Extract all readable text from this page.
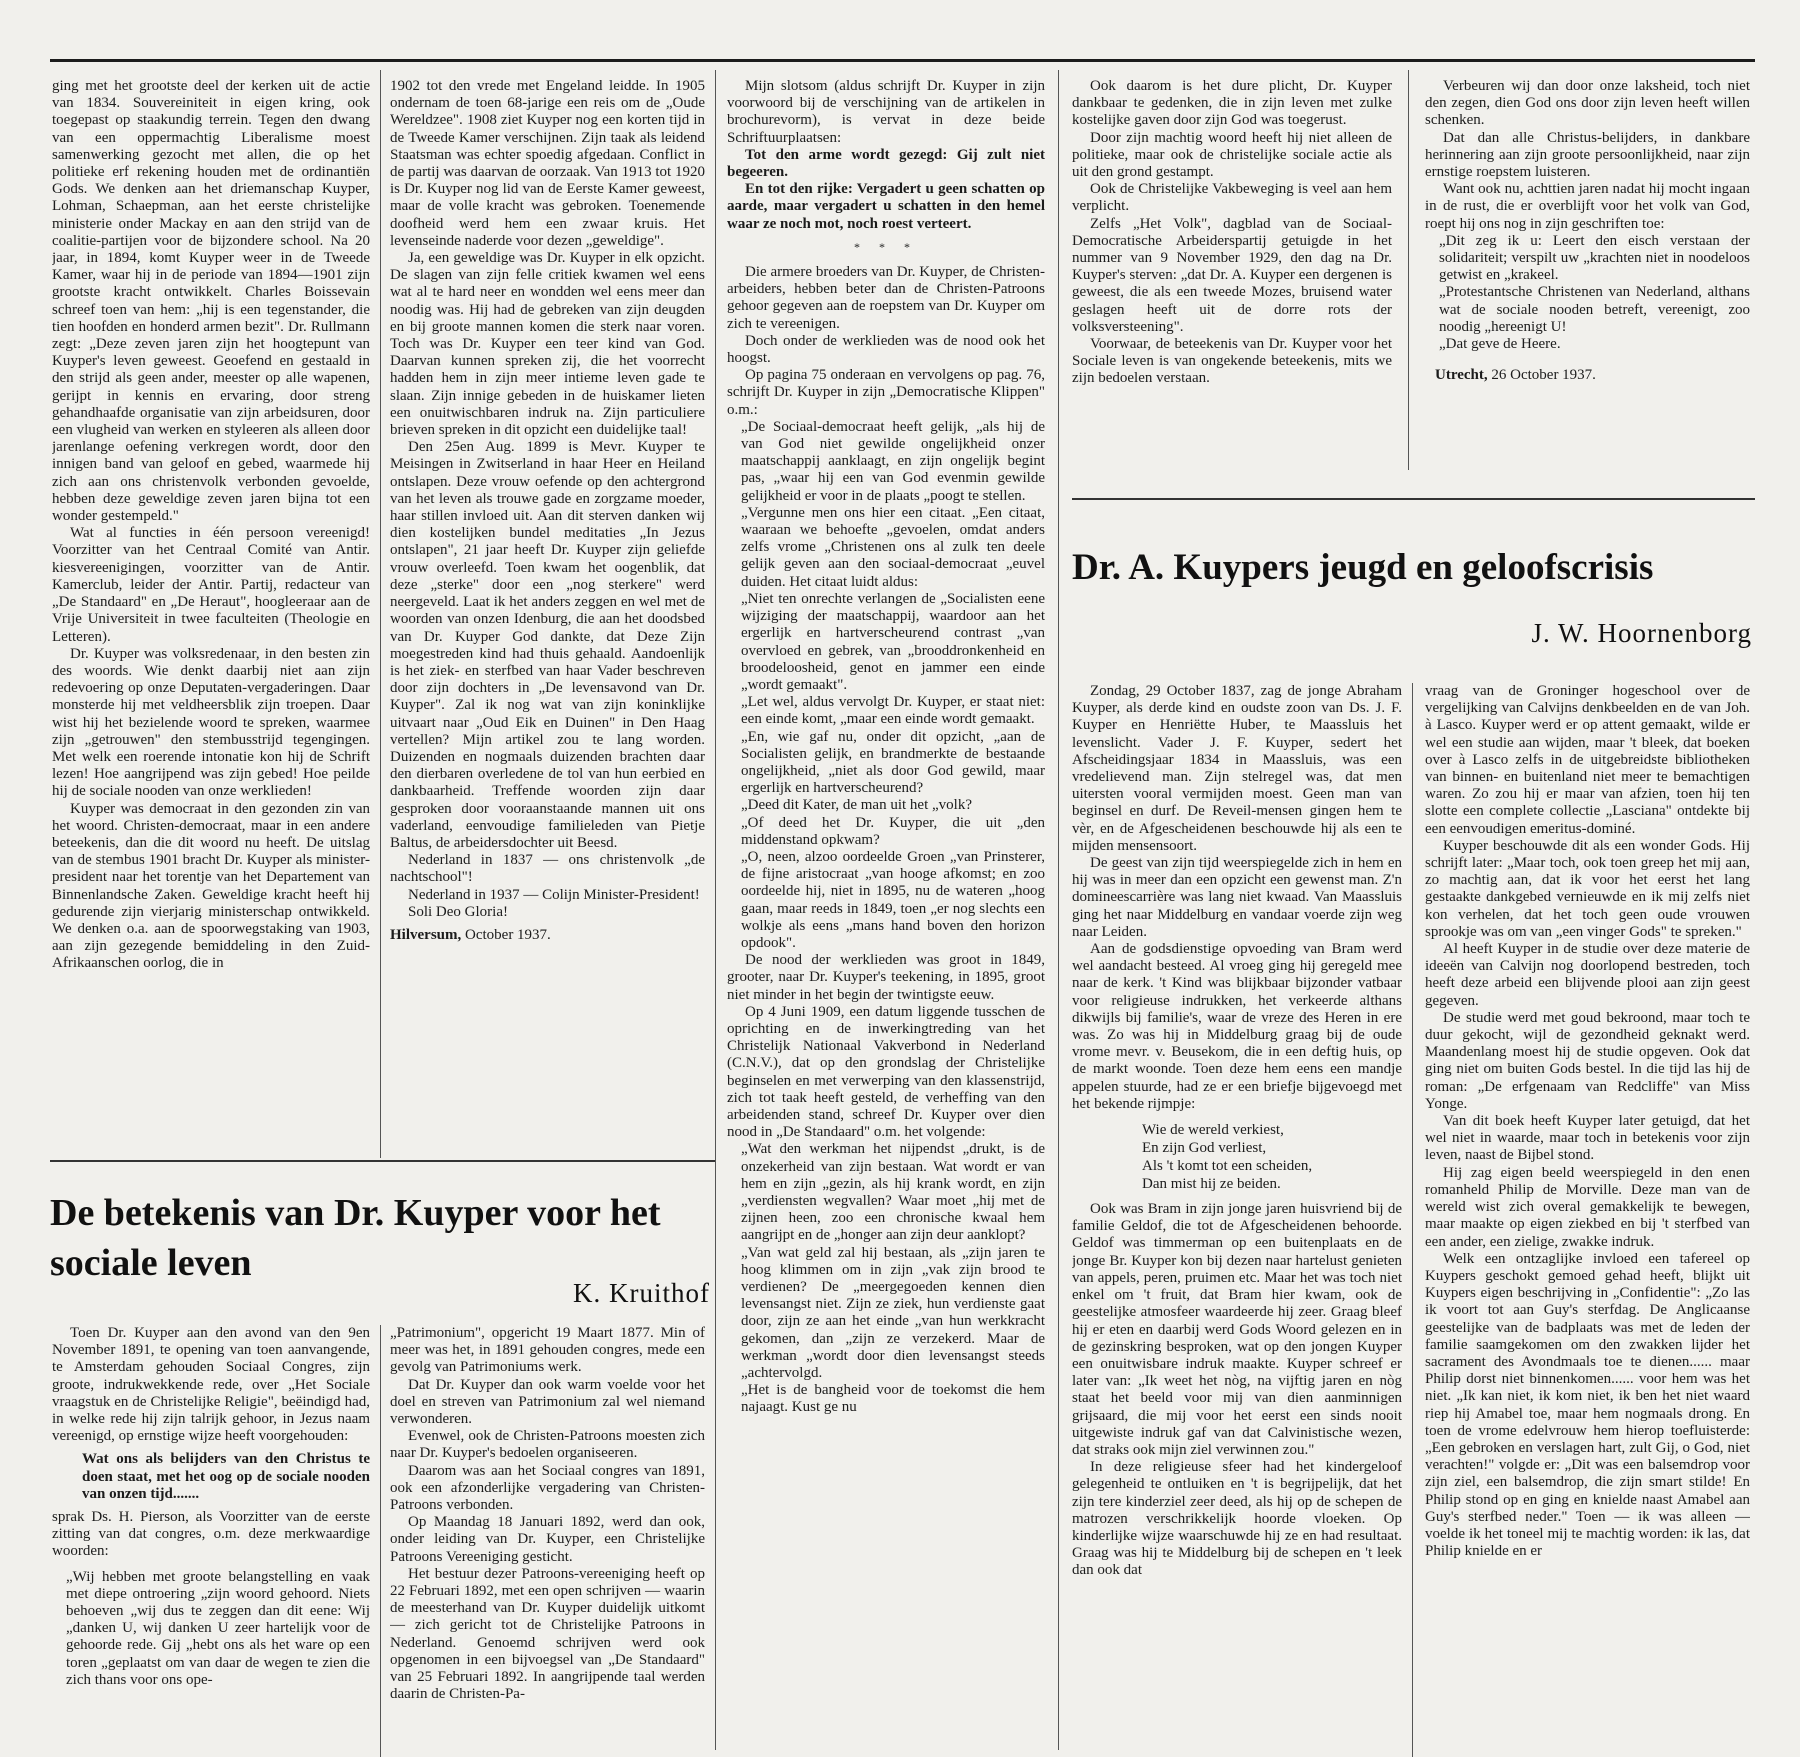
ging met het grootste deel der kerken uit de actie van 1834. Souvereiniteit in eigen kring, ook toegepast op staakundig terrein. Tegen den dwang van een oppermachtig Liberalisme moest samenwerking gezocht met allen, die op het politieke erf rekening houden met de ordinantiën Gods. We denken aan het driemanschap Kuyper, Lohman, Schaepman, aan het eerste christelijke ministerie onder Mackay en aan den strijd van de coalitie-partijen voor de bijzondere school. Na 20 jaar, in 1894, komt Kuyper weer in de Tweede Kamer, waar hij in de periode van 1894—1901 zijn grootste kracht ontwikkelt. Charles Boissevain schreef toen van hem: „hij is een tegenstander, die tien hoofden en honderd armen bezit". Dr. Rullmann zegt: „Deze zeven jaren zijn het hoogtepunt van Kuyper's leven geweest. Geoefend en gestaald in den strijd als geen ander, meester op alle wapenen, gerijpt in kennis en ervaring, door streng gehandhaafde organisatie van zijn arbeidsuren, door een vlugheid van werken en styleeren als alleen door jarenlange oefening verkregen wordt, door den innigen band van geloof en gebed, waarmede hij zich aan ons christenvolk verbonden gevoelde, hebben deze geweldige zeven jaren bijna tot een wonder gestempeld."

Wat al functies in één persoon vereenigd! Voorzitter van het Centraal Comité van Antir. kiesvereenigingen, voorzitter van de Antir. Kamerclub, leider der Antir. Partij, redacteur van „De Standaard" en „De Heraut", hoogleeraar aan de Vrije Universiteit in twee faculteiten (Theologie en Letteren).

Dr. Kuyper was volksredenaar, in den besten zin des woords. Wie denkt daarbij niet aan zijn redevoering op onze Deputaten-vergaderingen. Daar monsterde hij met veldheersblik zijn troepen. Daar wist hij het bezielende woord te spreken, waarmee zijn „getrouwen" den stembusstrijd tegengingen. Met welk een roerende intonatie kon hij de Schrift lezen! Hoe aangrijpend was zijn gebed! Hoe peilde hij de sociale nooden van onze werklieden!

Kuyper was democraat in den gezonden zin van het woord. Christen-democraat, maar in een andere beteekenis, dan die dit woord nu heeft. De uitslag van de stembus 1901 bracht Dr. Kuyper als minister-president naar het torentje van het Departement van Binnenlandsche Zaken. Geweldige kracht heeft hij gedurende zijn vierjarig ministerschap ontwikkeld. We denken o.a. aan de spoorwegstaking van 1903, aan zijn gezegende bemiddeling in den Zuid-Afrikaanschen oorlog, die in

1902 tot den vrede met Engeland leidde. In 1905 ondernam de toen 68-jarige een reis om de „Oude Wereldzee". 1908 ziet Kuyper nog een korten tijd in de Tweede Kamer verschijnen. Zijn taak als leidend Staatsman was echter spoedig afgedaan. Conflict in de partij was daarvan de oorzaak. Van 1913 tot 1920 is Dr. Kuyper nog lid van de Eerste Kamer geweest, maar de volle kracht was gebroken. Toenemende doofheid werd hem een zwaar kruis. Het levenseinde naderde voor dezen „geweldige".

Ja, een geweldige was Dr. Kuyper in elk opzicht. De slagen van zijn felle critiek kwamen wel eens wat al te hard neer en wondden wel eens meer dan noodig was. Hij had de gebreken van zijn deugden en bij groote mannen komen die sterk naar voren. Toch was Dr. Kuyper een teer kind van God. Daarvan kunnen spreken zij, die het voorrecht hadden hem in zijn meer intieme leven gade te slaan. Zijn innige gebeden in de huiskamer lieten een onuitwischbaren indruk na. Zijn particuliere brieven spreken in dit opzicht een duidelijke taal!

Den 25en Aug. 1899 is Mevr. Kuyper te Meisingen in Zwitserland in haar Heer en Heiland ontslapen. Deze vrouw oefende op den achtergrond van het leven als trouwe gade en zorgzame moeder, haar stillen invloed uit. Aan dit sterven danken wij dien kostelijken bundel meditaties „In Jezus ontslapen", 21 jaar heeft Dr. Kuyper zijn geliefde vrouw overleefd. Toen kwam het oogenblik, dat deze „sterke" door een „nog sterkere" werd neergeveld. Laat ik het anders zeggen en wel met de woorden van onzen Idenburg, die aan het doodsbed van Dr. Kuyper God dankte, dat Deze Zijn moegestreden kind had thuis gehaald. Aandoenlijk is het ziek- en sterfbed van haar Vader beschreven door zijn dochters in „De levensavond van Dr. Kuyper". Zal ik nog wat van zijn koninklijke uitvaart naar „Oud Eik en Duinen" in Den Haag vertellen? Mijn artikel zou te lang worden. Duizenden en nogmaals duizenden brachten daar den dierbaren overledene de tol van hun eerbied en dankbaarheid. Treffende woorden zijn daar gesproken door vooraanstaande mannen uit ons vaderland, eenvoudige familieleden van Pietje Baltus, de arbeidersdochter uit Beesd.

Nederland in 1837 — ons christenvolk „de nachtschool"!

Nederland in 1937 — Colijn Minister-President!

Soli Deo Gloria!

Hilversum, October 1937.

Mijn slotsom (aldus schrijft Dr. Kuyper in zijn voorwoord bij de verschijning van de artikelen in brochurevorm), is vervat in deze beide Schriftuurplaatsen:

Tot den arme wordt gezegd: Gij zult niet begeeren.

En tot den rijke: Vergadert u geen schatten op aarde, maar vergadert u schatten in den hemel waar ze noch mot, noch roest verteert.

* * *

Die armere broeders van Dr. Kuyper, de Christen-arbeiders, hebben beter dan de Christen-Patroons gehoor gegeven aan de roepstem van Dr. Kuyper om zich te vereenigen.

Doch onder de werklieden was de nood ook het hoogst.

Op pagina 75 onderaan en vervolgens op pag. 76, schrijft Dr. Kuyper in zijn „Democratische Klippen" o.m.:

„De Sociaal-democraat heeft gelijk, „als hij de van God niet gewilde ongelijkheid onzer maatschappij aanklaagt, en zijn ongelijk begint pas, „waar hij een van God evenmin gewilde gelijkheid er voor in de plaats „poogt te stellen.

„Vergunne men ons hier een citaat. „Een citaat, waaraan we behoefte „gevoelen, omdat anders zelfs vrome „Christenen ons al zulk ten deele gelijk geven aan den sociaal-democraat „euvel duiden. Het citaat luidt aldus:

„Niet ten onrechte verlangen de „Socialisten eene wijziging der maatschappij, waardoor aan het ergerlijk en hartverscheurend contrast „van overvloed en gebrek, van „brooddronkenheid en broodeloosheid, genot en jammer een einde „wordt gemaakt".

„Let wel, aldus vervolgt Dr. Kuyper, er staat niet: een einde komt, „maar een einde wordt gemaakt.

„En, wie gaf nu, onder dit opzicht, „aan de Socialisten gelijk, en brandmerkte de bestaande ongelijkheid, „niet als door God gewild, maar ergerlijk en hartverscheurend?

„Deed dit Kater, de man uit het „volk?

„Of deed het Dr. Kuyper, die uit „den middenstand opkwam?

„O, neen, alzoo oordeelde Groen „van Prinsterer, de fijne aristocraat „van hooge afkomst; en zoo oordeelde hij, niet in 1895, nu de wateren „hoog gaan, maar reeds in 1849, toen „er nog slechts een wolkje als eens „mans hand boven den horizon opdook".

De nood der werklieden was groot in 1849, grooter, naar Dr. Kuyper's teekening, in 1895, groot niet minder in het begin der twintigste eeuw.

Op 4 Juni 1909, een datum liggende tusschen de oprichting en de inwerkingtreding van het Christelijk Nationaal Vakverbond in Nederland (C.N.V.), dat op den grondslag der Christelijke beginselen en met verwerping van den klassenstrijd, zich tot taak heeft gesteld, de verheffing van den arbeidenden stand, schreef Dr. Kuyper over dien nood in „De Standaard" o.m. het volgende:

„Wat den werkman het nijpendst „drukt, is de onzekerheid van zijn bestaan. Wat wordt er van hem en zijn „gezin, als hij krank wordt, en zijn „verdiensten wegvallen? Waar moet „hij met de zijnen heen, zoo een chronische kwaal hem aangrijpt en de „honger aan zijn deur aanklopt?

„Van wat geld zal hij bestaan, als „zijn jaren te hoog klimmen om in zijn „vak zijn brood te verdienen? De „meergegoeden kennen dien levensangst niet. Zijn ze ziek, hun verdienste gaat door, zijn ze aan het einde „van hun werkkracht gekomen, dan „zijn ze verzekerd. Maar de werkman „wordt door dien levensangst steeds „achtervolgd.

„Het is de bangheid voor de toekomst die hem najaagt. Kust ge nu

Ook daarom is het dure plicht, Dr. Kuyper dankbaar te gedenken, die in zijn leven met zulke kostelijke gaven door zijn God was toegerust.

Door zijn machtig woord heeft hij niet alleen de politieke, maar ook de christelijke sociale actie als uit den grond gestampt.

Ook de Christelijke Vakbeweging is veel aan hem verplicht.

Zelfs „Het Volk", dagblad van de Sociaal-Democratische Arbeiderspartij getuigde in het nummer van 9 November 1929, den dag na Dr. Kuyper's sterven: „dat Dr. A. Kuyper een dergenen is geweest, die als een tweede Mozes, bruisend water geslagen heeft uit de dorre rots der volksversteening".

Voorwaar, de beteekenis van Dr. Kuyper voor het Sociale leven is van ongekende beteekenis, mits we zijn bedoelen verstaan.

Verbeuren wij dan door onze laksheid, toch niet den zegen, dien God ons door zijn leven heeft willen schenken.

Dat dan alle Christus-belijders, in dankbare herinnering aan zijn groote persoonlijkheid, naar zijn ernstige roepstem luisteren.

Want ook nu, achttien jaren nadat hij mocht ingaan in de rust, die er overblijft voor het volk van God, roept hij ons nog in zijn geschriften toe:

„Dit zeg ik u: Leert den eisch verstaan der solidariteit; verspilt uw „krachten niet in noodeloos getwist en „krakeel.

„Protestantsche Christenen van Nederland, althans wat de sociale nooden betreft, vereenigt, zoo noodig „hereenigt U!

„Dat geve de Heere.

Utrecht, 26 October 1937.
De betekenis van Dr. Kuyper voor het sociale leven
K. Kruithof

Toen Dr. Kuyper aan den avond van den 9en November 1891, te opening van toen aanvangende, te Amsterdam gehouden Sociaal Congres, zijn groote, indrukwekkende rede, over „Het Sociale vraagstuk en de Christelijke Religie", beëindigd had, in welke rede hij zijn talrijk gehoor, in Jezus naam vereenigd, op ernstige wijze heeft voorgehouden:

Wat ons als belijders van den Christus te doen staat, met het oog op de sociale nooden van onzen tijd.......

sprak Ds. H. Pierson, als Voorzitter van de eerste zitting van dat congres, o.m. deze merkwaardige woorden:

„Wij hebben met groote belangstelling en vaak met diepe ontroering „zijn woord gehoord. Niets behoeven „wij dus te zeggen dan dit eene: Wij „danken U, wij danken U zeer hartelijk voor de gehoorde rede. Gij „hebt ons als het ware op een toren „geplaatst om van daar de wegen te zien die zich thans voor ons ope-

„Patrimonium", opgericht 19 Maart 1877. Min of meer was het, in 1891 gehouden congres, mede een gevolg van Patrimoniums werk.

Dat Dr. Kuyper dan ook warm voelde voor het doel en streven van Patrimonium zal wel niemand verwonderen.

Evenwel, ook de Christen-Patroons moesten zich naar Dr. Kuyper's bedoelen organiseeren.

Daarom was aan het Sociaal congres van 1891, ook een afzonderlijke vergadering van Christen-Patroons verbonden.

Op Maandag 18 Januari 1892, werd dan ook, onder leiding van Dr. Kuyper, een Christelijke Patroons Vereeniging gesticht.

Het bestuur dezer Patroons-vereeniging heeft op 22 Februari 1892, met een open schrijven — waarin de meesterhand van Dr. Kuyper duidelijk uitkomt — zich gericht tot de Christelijke Patroons in Nederland. Genoemd schrijven werd ook opgenomen in een bijvoegsel van „De Standaard" van 25 Februari 1892. In aangrijpende taal werden daarin de Christen-Pa-

Dr. A. Kuypers jeugd en geloofscrisis
J. W. Hoornenborg

Zondag, 29 October 1837, zag de jonge Abraham Kuyper, als derde kind en oudste zoon van Ds. J. F. Kuyper en Henriëtte Huber, te Maassluis het levenslicht. Vader J. F. Kuyper, sedert het Afscheidingsjaar 1834 in Maassluis, was een vredelievend man. Zijn stelregel was, dat men uitersten vooral vermijden moest. Geen man van beginsel en durf. De Reveil-mensen gingen hem te vèr, en de Afgescheidenen beschouwde hij als een te mijden mensensoort.

De geest van zijn tijd weerspiegelde zich in hem en hij was in meer dan een opzicht een gewenst man. Z'n domineescarrière was lang niet kwaad. Van Maassluis ging het naar Middelburg en vandaar voerde zijn weg naar Leiden.

Aan de godsdienstige opvoeding van Bram werd wel aandacht besteed. Al vroeg ging hij geregeld mee naar de kerk. 't Kind was blijkbaar bijzonder vatbaar voor religieuse indrukken, het verkeerde althans dikwijls bij familie's, waar de vreze des Heren in ere was. Zo was hij in Middelburg graag bij de oude vrome mevr. v. Beusekom, die in een deftig huis, op de markt woonde. Toen deze hem eens een mandje appelen stuurde, had ze er een briefje bijgevoegd met het bekende rijmpje:

Wie de wereld verkiest,
En zijn God verliest,
Als 't komt tot een scheiden,
Dan mist hij ze beiden.

Ook was Bram in zijn jonge jaren huisvriend bij de familie Geldof, die tot de Afgescheidenen behoorde. Geldof was timmerman op een buitenplaats en de jonge Br. Kuyper kon bij dezen naar hartelust genieten van appels, peren, pruimen etc. Maar het was toch niet enkel om 't fruit, dat Bram hier kwam, ook de geestelijke atmosfeer waardeerde hij zeer. Graag bleef hij er eten en daarbij werd Gods Woord gelezen en in de gezinskring besproken, wat op den jongen Kuyper een onuitwisbare indruk maakte. Kuyper schreef er later van: „Ik weet het nòg, na vijftig jaren en nòg staat het beeld voor mij van dien aanminnigen grijsaard, die mij voor het eerst een sinds nooit uitgewiste indruk gaf van dat Calvinistische wezen, dat straks ook mijn ziel verwinnen zou."

In deze religieuse sfeer had het kindergeloof gelegenheid te ontluiken en 't is begrijpelijk, dat het zijn tere kinderziel zeer deed, als hij op de schepen de matrozen verschrikkelijk hoorde vloeken. Op kinderlijke wijze waarschuwde hij ze en had resultaat. Graag was hij te Middelburg bij de schepen en 't leek dan ook dat

vraag van de Groninger hogeschool over de vergelijking van Calvijns denkbeelden en de van Joh. à Lasco. Kuyper werd er op attent gemaakt, wilde er wel een studie aan wijden, maar 't bleek, dat boeken over à Lasco zelfs in de uitgebreidste bibliotheken van binnen- en buitenland niet meer te bemachtigen waren. Zo zou hij er maar van afzien, toen hij ten slotte een complete collectie „Lasciana" ontdekte bij een eenvoudigen emeritus-dominé.

Kuyper beschouwde dit als een wonder Gods. Hij schrijft later: „Maar toch, ook toen greep het mij aan, zo machtig aan, dat ik voor het eerst het lang gestaakte dankgebed vernieuwde en ik mij zelfs niet kon verhelen, dat het toch geen oude vrouwen sprookje was om van „een vinger Gods" te spreken."

Al heeft Kuyper in de studie over deze materie de ideeën van Calvijn nog doorlopend bestreden, toch heeft deze arbeid een blijvende plooi aan zijn geest gegeven.

De studie werd met goud bekroond, maar toch te duur gekocht, wijl de gezondheid geknakt werd. Maandenlang moest hij de studie opgeven. Ook dat ging niet om buiten Gods bestel. In die tijd las hij de roman: „De erfgenaam van Redcliffe" van Miss Yonge.

Van dit boek heeft Kuyper later getuigd, dat het wel niet in waarde, maar toch in betekenis voor zijn leven, naast de Bijbel stond.

Hij zag eigen beeld weerspiegeld in den enen romanheld Philip de Morville. Deze man van de wereld wist zich overal gemakkelijk te bewegen, maar maakte op eigen ziekbed en bij 't sterfbed van een ander, een zielige, zwakke indruk.

Welk een ontzaglijke invloed een tafereel op Kuypers geschokt gemoed gehad heeft, blijkt uit Kuypers eigen beschrijving in „Confidentie": „Zo las ik voort tot aan Guy's sterfdag. De Anglicaanse geestelijke van de badplaats was met de leden der familie saamgekomen om den zwakken lijder het sacrament des Avondmaals toe te dienen...... maar Philip dorst niet binnenkomen...... voor hem was het niet. „Ik kan niet, ik kom niet, ik ben het niet waard riep hij Amabel toe, maar hem nogmaals drong. En toen de vrome edelvrouw hem hierop toefluisterde: „Een gebroken en verslagen hart, zult Gij, o God, niet verachten!" volgde er: „Dit was een balsemdrop voor zijn ziel, een balsemdrop, die zijn smart stilde! En Philip stond op en ging en knielde naast Amabel aan Guy's sterfbed neder." Toen — ik was alleen — voelde ik het toneel mij te machtig worden: ik las, dat Philip knielde en er
